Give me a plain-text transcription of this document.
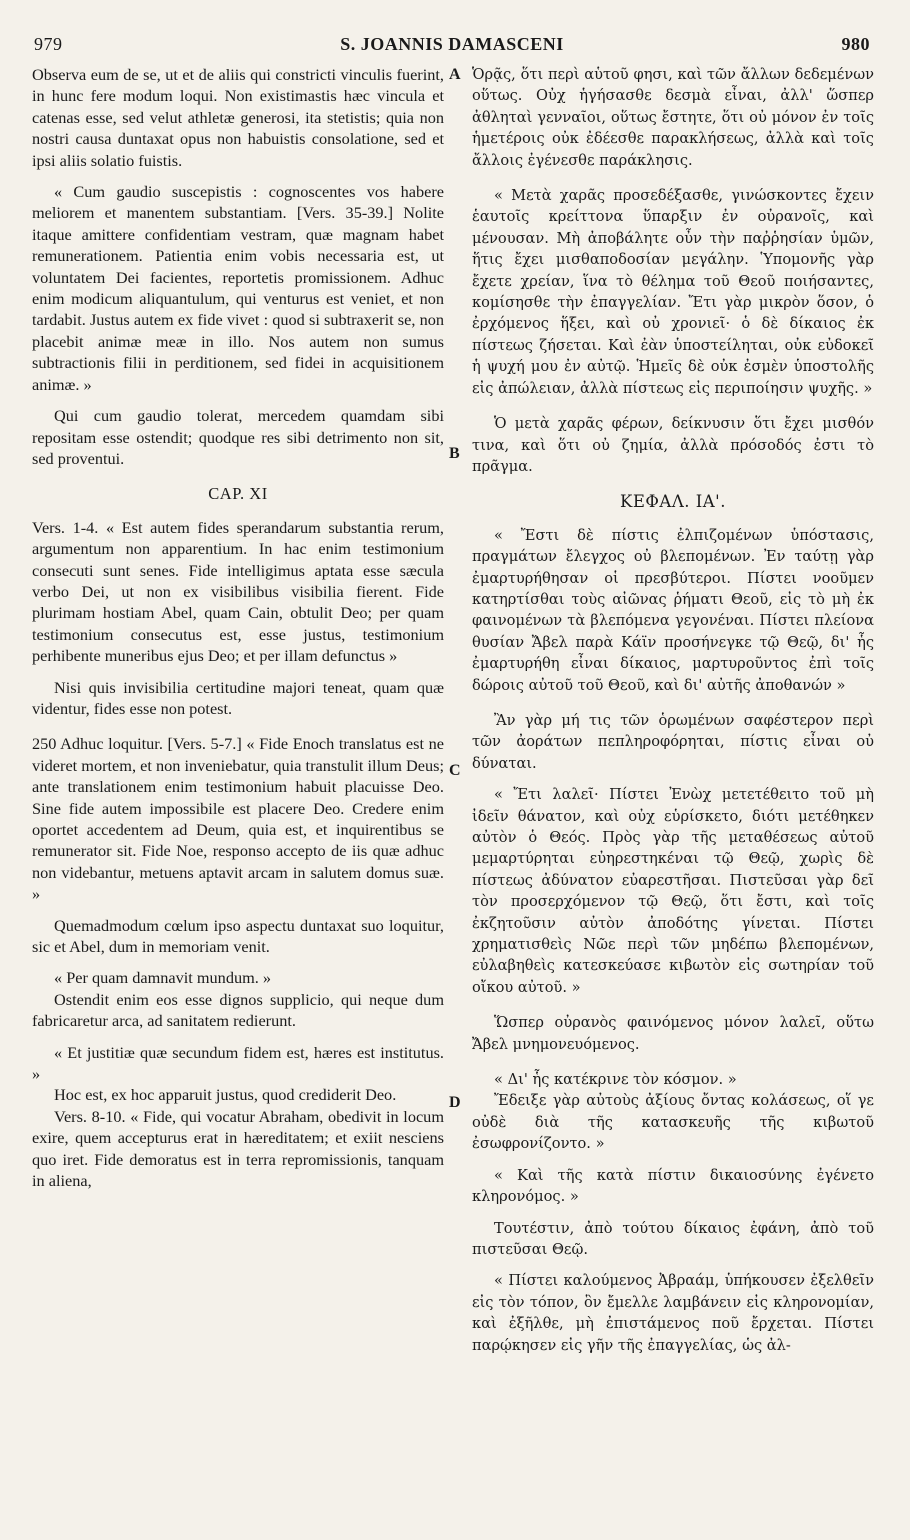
979	S. JOANNIS DAMASCENI	980
A
B
C
D

Observa eum de se, ut et de aliis qui constricti vinculis fuerint, in hunc fere modum loqui. Non existimastis hæc vincula et catenas esse, sed velut athletæ generosi, ita stetistis; quia non nostri causa duntaxat opus non habuistis consolatione, sed et ipsi aliis solatio fuistis.

« Cum gaudio suscepistis : cognoscentes vos habere meliorem et manentem substantiam. [Vers. 35-39.] Nolite itaque amittere confidentiam vestram, quæ magnam habet remunerationem. Patientia enim vobis necessaria est, ut voluntatem Dei facientes, reportetis promissionem. Adhuc enim modicum aliquantulum, qui venturus est veniet, et non tardabit. Justus autem ex fide vivet : quod si subtraxerit se, non placebit animæ meæ in illo. Nos autem non sumus subtractionis filii in perditionem, sed fidei in acquisitionem animæ. »

Qui cum gaudio tolerat, mercedem quamdam sibi repositam esse ostendit; quodque res sibi detrimento non sit, sed proventui.

CAP. XI

Vers. 1-4. « Est autem fides sperandarum substantia rerum, argumentum non apparentium. In hac enim testimonium consecuti sunt senes. Fide intelligimus aptata esse sæcula verbo Dei, ut non ex visibilibus visibilia fierent. Fide plurimam hostiam Abel, quam Cain, obtulit Deo; per quam testimonium consecutus est, esse justus, testimonium perhibente muneribus ejus Deo; et per illam defunctus »

Nisi quis invisibilia certitudine majori teneat, quam quæ videntur, fides esse non potest.

250 Adhuc loquitur. [Vers. 5-7.] « Fide Enoch translatus est ne videret mortem, et non inveniebatur, quia transtulit illum Deus; ante translationem enim testimonium habuit placuisse Deo. Sine fide autem impossibile est placere Deo. Credere enim oportet accedentem ad Deum, quia est, et inquirentibus se remunerator sit. Fide Noe, responso accepto de iis quæ adhuc non videbantur, metuens aptavit arcam in salutem domus suæ. »

Quemadmodum cœlum ipso aspectu duntaxat suo loquitur, sic et Abel, dum in memoriam venit.

« Per quam damnavit mundum. »

Ostendit enim eos esse dignos supplicio, qui neque dum fabricaretur arca, ad sanitatem redierunt.

« Et justitiæ quæ secundum fidem est, hæres est institutus. »

Hoc est, ex hoc apparuit justus, quod crediderit Deo.

Vers. 8-10. « Fide, qui vocatur Abraham, obedivit in locum exire, quem accepturus erat in hæreditatem; et exiit nesciens quo iret. Fide demoratus est in terra repromissionis, tanquam in aliena,

Ὁρᾷς, ὅτι περὶ αὑτοῦ φησι, καὶ τῶν ἄλλων δεδεμένων οὕτως. Οὐχ ἡγήσασθε δεσμὰ εἶναι, ἀλλ' ὥσπερ ἀθληταὶ γενναῖοι, οὕτως ἔστητε, ὅτι οὐ μόνον ἐν τοῖς ἡμετέροις οὐκ ἐδέεσθε παρακλήσεως, ἀλλὰ καὶ τοῖς ἄλλοις ἐγένεσθε παράκλησις.

« Μετὰ χαρᾶς προσεδέξασθε, γινώσκοντες ἔχειν ἑαυτοῖς κρείττονα ὕπαρξιν ἐν οὐρανοῖς, καὶ μένουσαν. Μὴ ἀποβάλητε οὖν τὴν παῤῥησίαν ὑμῶν, ἥτις ἔχει μισθαποδοσίαν μεγάλην. Ὑπομονῆς γὰρ ἔχετε χρείαν, ἵνα τὸ θέλημα τοῦ Θεοῦ ποιήσαντες, κομίσησθε τὴν ἐπαγγελίαν. Ἔτι γὰρ μικρὸν ὅσον, ὁ ἐρχόμενος ἥξει, καὶ οὐ χρονιεῖ· ὁ δὲ δίκαιος ἐκ πίστεως ζήσεται. Καὶ ἐὰν ὑποστείληται, οὐκ εὐδοκεῖ ἡ ψυχή μου ἐν αὐτῷ. Ἡμεῖς δὲ οὐκ ἐσμὲν ὑποστολῆς εἰς ἀπώλειαν, ἀλλὰ πίστεως εἰς περιποίησιν ψυχῆς. »

Ὁ μετὰ χαρᾶς φέρων, δείκνυσιν ὅτι ἔχει μισθόν τινα, καὶ ὅτι οὐ ζημία, ἀλλὰ πρόσοδός ἐστι τὸ πρᾶγμα.

ΚΕΦΑΛ. ΙΑ'.

« Ἔστι δὲ πίστις ἐλπιζομένων ὑπόστασις, πραγμάτων ἔλεγχος οὐ βλεπομένων. Ἐν ταύτῃ γὰρ ἐμαρτυρήθησαν οἱ πρεσβύτεροι. Πίστει νοοῦμεν κατηρτίσθαι τοὺς αἰῶνας ῥήματι Θεοῦ, εἰς τὸ μὴ ἐκ φαινομένων τὰ βλεπόμενα γεγονέναι. Πίστει πλείονα θυσίαν Ἄβελ παρὰ Κάϊν προσήνεγκε τῷ Θεῷ, δι' ἧς ἐμαρτυρήθη εἶναι δίκαιος, μαρτυροῦντος ἐπὶ τοῖς δώροις αὐτοῦ τοῦ Θεοῦ, καὶ δι' αὐτῆς ἀποθανών »

Ἂν γὰρ μή τις τῶν ὁρωμένων σαφέστερον περὶ τῶν ἀοράτων πεπληροφόρηται, πίστις εἶναι οὐ δύναται.

« Ἔτι λαλεῖ· Πίστει Ἐνὼχ μετετέθειτο τοῦ μὴ ἰδεῖν θάνατον, καὶ οὐχ εὑρίσκετο, διότι μετέθηκεν αὐτὸν ὁ Θεός. Πρὸς γὰρ τῆς μεταθέσεως αὐτοῦ μεμαρτύρηται εὐηρεστηκέναι τῷ Θεῷ, χωρὶς δὲ πίστεως ἀδύνατον εὐαρεστῆσαι. Πιστεῦσαι γὰρ δεῖ τὸν προσερχόμενον τῷ Θεῷ, ὅτι ἔστι, καὶ τοῖς ἐκζητοῦσιν αὐτὸν ἀποδότης γίνεται. Πίστει χρηματισθεὶς Νῶε περὶ τῶν μηδέπω βλεπομένων, εὐλαβηθεὶς κατεσκεύασε κιβωτὸν εἰς σωτηρίαν τοῦ οἴκου αὐτοῦ. »

Ὥσπερ οὐρανὸς φαινόμενος μόνον λαλεῖ, οὕτω Ἄβελ μνημονευόμενος.

« Δι' ἧς κατέκρινε τὸν κόσμον. »

Ἔδειξε γὰρ αὐτοὺς ἀξίους ὄντας κολάσεως, οἵ γε οὐδὲ διὰ τῆς κατασκευῆς τῆς κιβωτοῦ ἐσωφρονίζοντο. »

« Καὶ τῆς κατὰ πίστιν δικαιοσύνης ἐγένετο κληρονόμος. »

Τουτέστιν, ἀπὸ τούτου δίκαιος ἐφάνη, ἀπὸ τοῦ πιστεῦσαι Θεῷ.

« Πίστει καλούμενος Ἀβραάμ, ὑπήκουσεν ἐξελθεῖν εἰς τὸν τόπον, ὃν ἔμελλε λαμβάνειν εἰς κληρονομίαν, καὶ ἐξῆλθε, μὴ ἐπιστάμενος ποῦ ἔρχεται. Πίστει παρῴκησεν εἰς γῆν τῆς ἐπαγγελίας, ὡς ἀλ-
